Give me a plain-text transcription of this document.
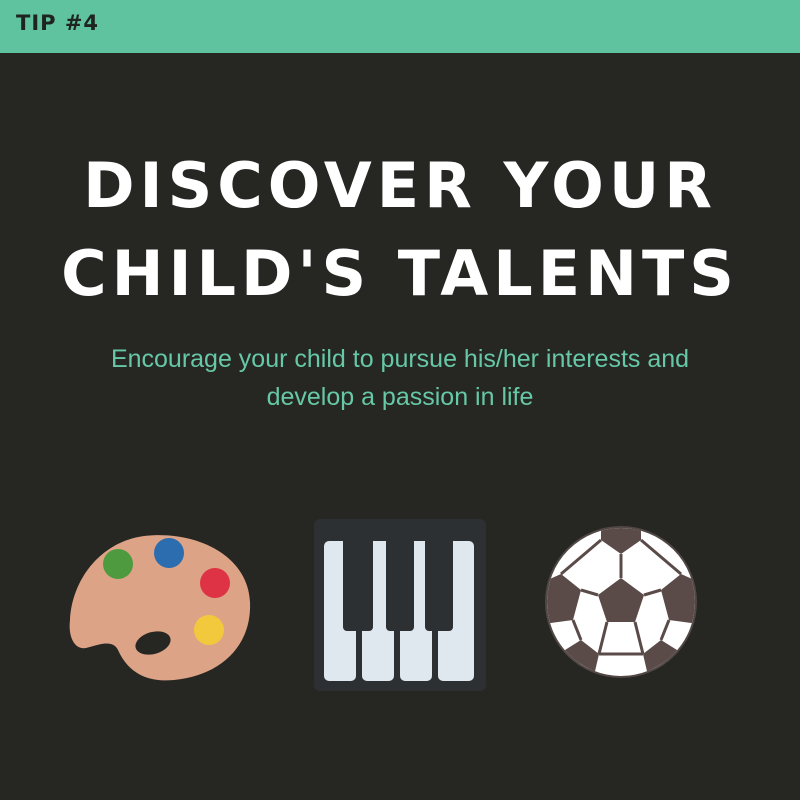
TIP #4
DISCOVER YOUR
CHILD'S TALENTS
Encourage your child to pursue his/her interests and
develop a passion in life
